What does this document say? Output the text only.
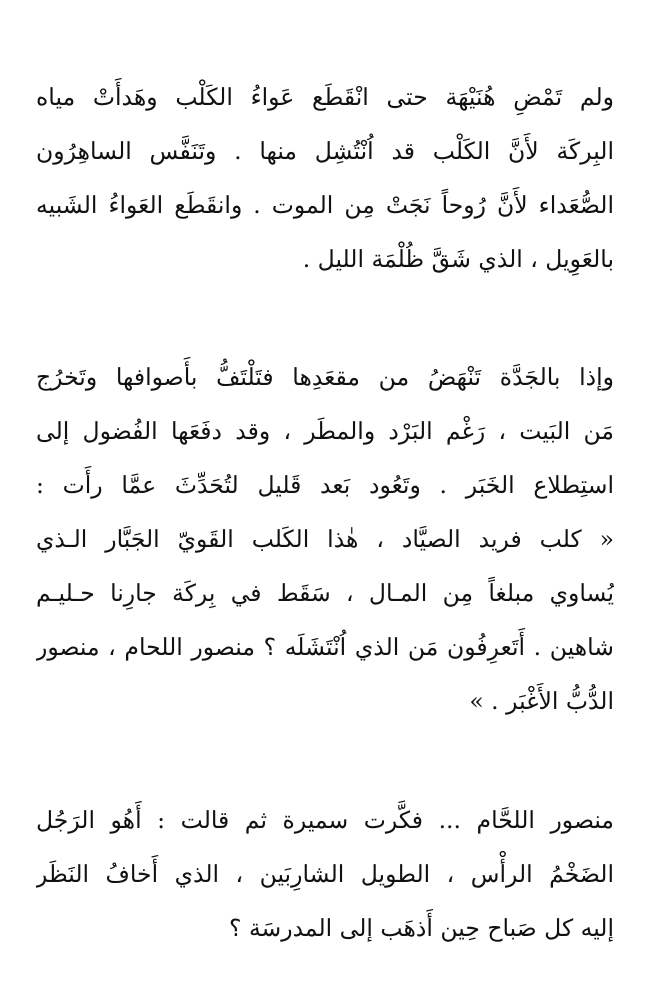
ولم تَمْضِ هُنَيْهَة حتى انْقَطَع عَواءُ الكَلْب وهَدأَتْ مياه
البِركَة لأَنَّ الكَلْب قد اُنْتُشِل منها . وتَنَفَّس الساهِرُون
الصُّعَداء لأَنَّ رُوحاً نَجَتْ مِن الموت . وانقَطَع العَواءُ الشَبيه
بالعَوِيل ، الذي شَقَّ ظُلْمَة الليل .
وإذا بالجَدَّة تَنْهَضُ من مقعَدِها فتَلْتَفُّ بأَصوافها وتَخرُج
مَن البَيت ، رَغْم البَرْد والمطَر ، وقد دفَعَها الفُضول إلى
استِطلاع الخَبَر . وتَعُود بَعد قَليل لتُحَدِّثَ عمَّا رأَت :
« كلب فريد الصيَّاد ، هٰذا الكَلب القَويّ الجَبَّار الـذي
يُساوي مبلغاً مِن المـال ، سَقَط في بِركَة جارِنا حـليـم
شاهين . أَتَعرِفُون مَن الذي اُنْتَشَلَه ؟ منصور اللحام ، منصور
الدُّبُّ الأَغْبَر . »
منصور اللحَّام ... فكَّرت سميرة ثم قالت : أَهُو الرَجُل
الضَخْمُ الرأْس ، الطويل الشارِبَين ، الذي أَخافُ النَظَر
إليه كل صَباح حِين أَذهَب إلى المدرسَة ؟
